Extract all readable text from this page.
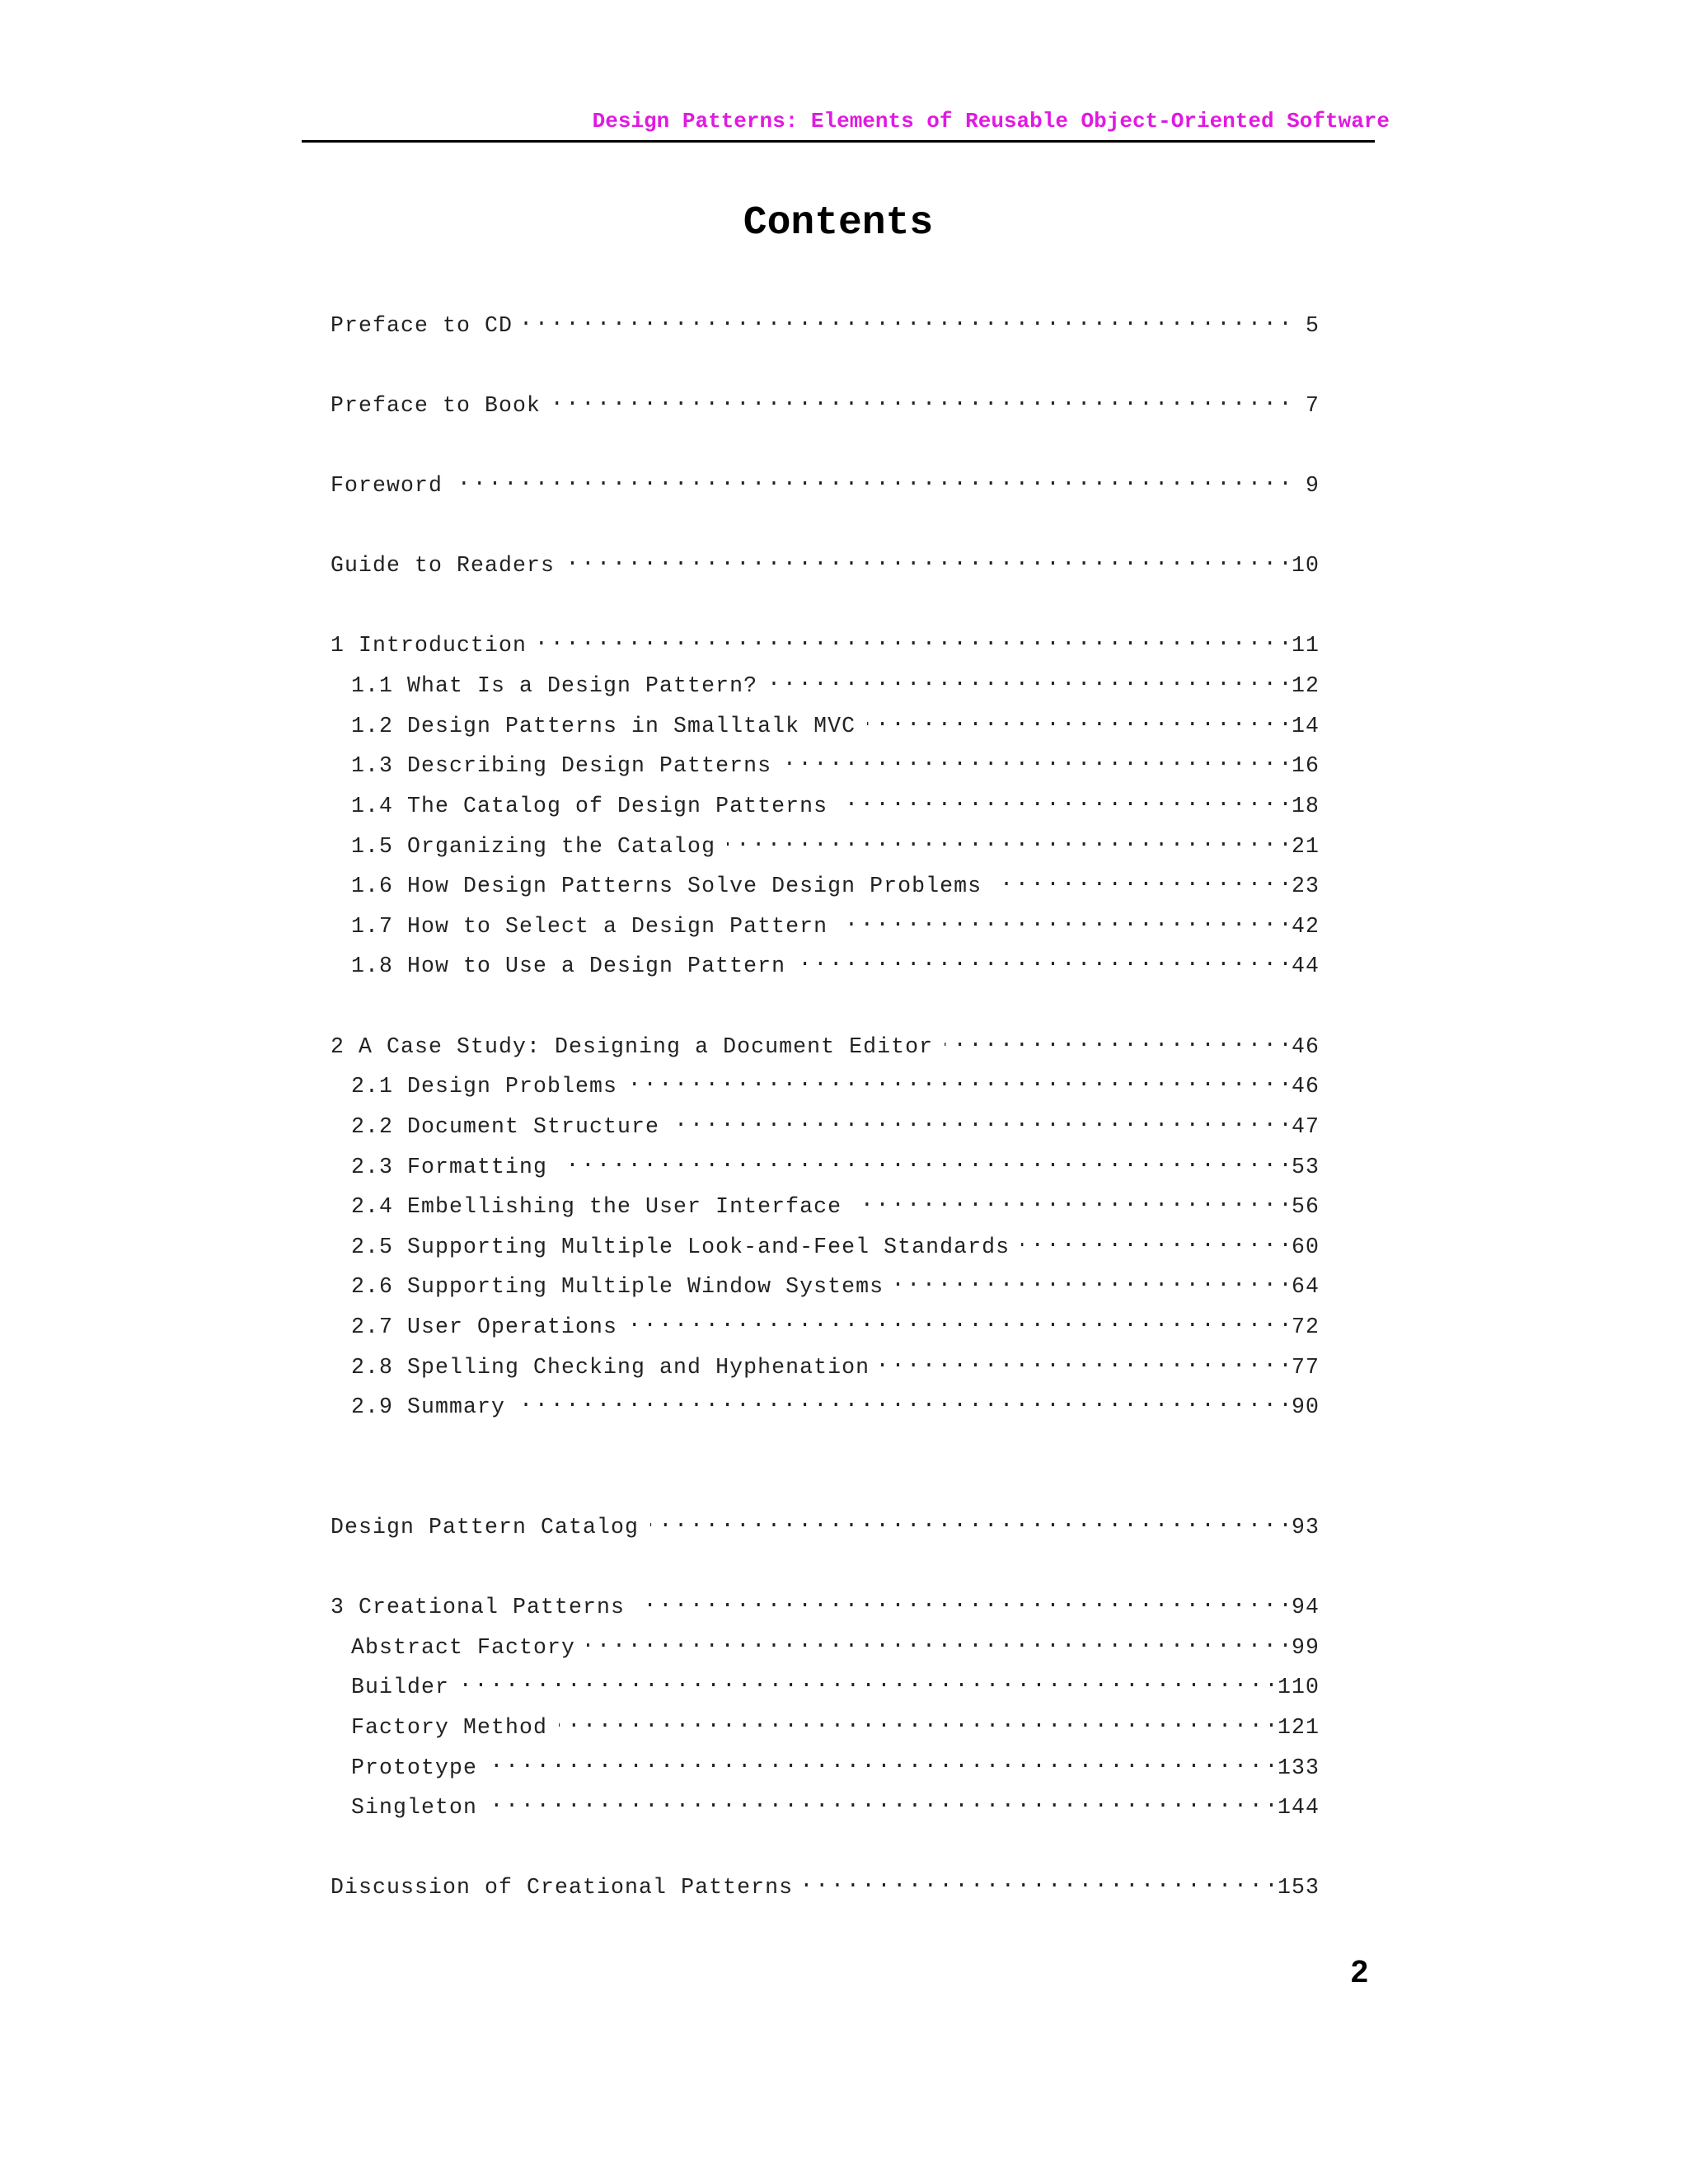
Design Patterns: Elements of Reusable Object-Oriented Software
Contents
Preface to CD . . .	5
Preface to Book . . .	7
Foreword . . .	9
Guide to Readers . . .	10
1 Introduction . . .	11
1.1 What Is a Design Pattern? . . .	12
1.2 Design Patterns in Smalltalk MVC . . .	14
1.3 Describing Design Patterns . . .	16
1.4 The Catalog of Design Patterns . . .	18
1.5 Organizing the Catalog . . .	21
1.6 How Design Patterns Solve Design Problems . . .	23
1.7 How to Select a Design Pattern . . .	42
1.8 How to Use a Design Pattern . . .	44
2 A Case Study: Designing a Document Editor . . .	46
2.1 Design Problems . . .	46
2.2 Document Structure . . .	47
2.3 Formatting . . .	53
2.4 Embellishing the User Interface . . .	56
2.5 Supporting Multiple Look-and-Feel Standards . . .	60
2.6 Supporting Multiple Window Systems . . .	64
2.7 User Operations . . .	72
2.8 Spelling Checking and Hyphenation . . .	77
2.9 Summary . . .	90
Design Pattern Catalog . . .	93
3 Creational Patterns . . .	94
Abstract Factory . . .	99
Builder . . .	110
Factory Method . . .	121
Prototype . . .	133
Singleton . . .	144
Discussion of Creational Patterns . . .	153
2
